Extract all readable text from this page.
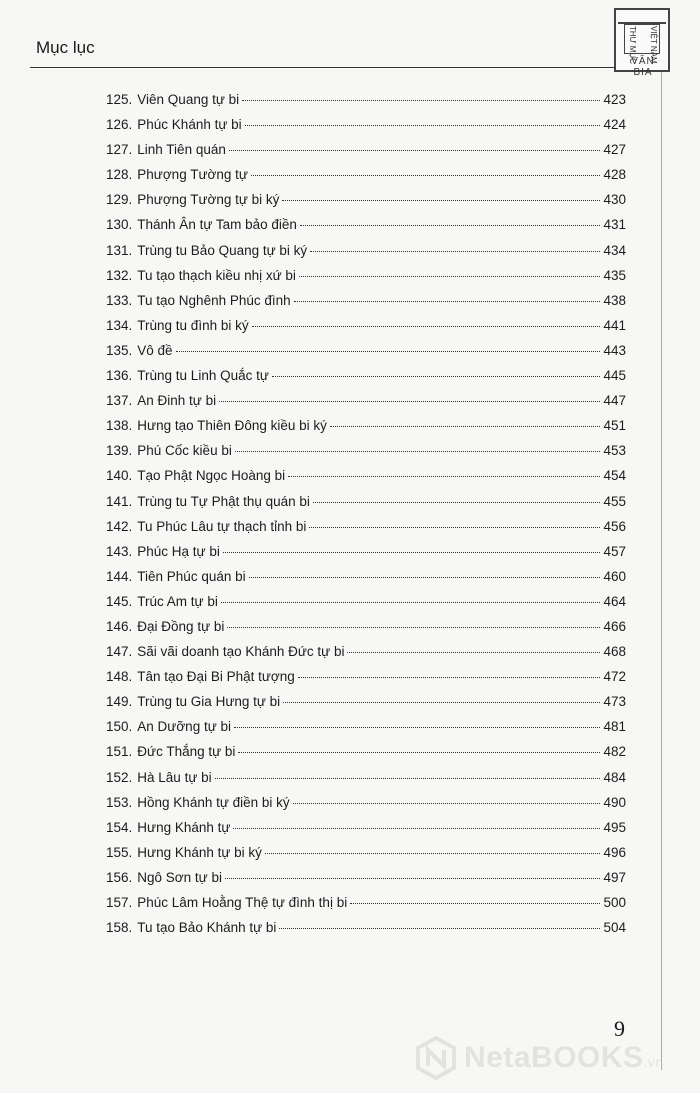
Mục lục	THƯ MỤC VIỆT NAM
VĂN BIA
125. Viên Quang tự bi	423
126. Phúc Khánh tự bi	424
127. Linh Tiên quán	427
128. Phượng Tường tự	428
129. Phượng Tường tự bi ký	430
130. Thánh Ân tự Tam bảo điền	431
131. Trùng tu Bảo Quang tự bi ký	434
132. Tu tạo thạch kiều nhị xứ bi	435
133. Tu tạo Nghênh Phúc đình	438
134. Trùng tu đình bi ký	441
135. Vô đề	443
136. Trùng tu Linh Quắc tự	445
137. An Đinh tự bi	447
138. Hưng tạo Thiên Đông kiều bi ký	451
139. Phú Cốc kiều bi	453
140. Tạo Phật Ngọc Hoàng bi	454
141. Trùng tu Tự Phật thụ quán bi	455
142. Tu Phúc Lâu tự thạch tỉnh bi	456
143. Phúc Hạ tự bi	457
144. Tiên Phúc quán bi	460
145. Trúc Am tự bi	464
146. Đại Đồng tự bi	466
147. Sãi vãi doanh tạo Khánh Đức tự bi	468
148. Tân tạo Đại Bi Phật tượng	472
149. Trùng tu Gia Hưng tự bi	473
150. An Dưỡng tự bi	481
151. Đức Thắng tự bi	482
152. Hà Lâu tự bi	484
153. Hồng Khánh tự điền bi ký	490
154. Hưng Khánh tự	495
155. Hưng Khánh tự bi ký	496
156. Ngô Sơn tự bi	497
157. Phúc Lâm Hoằng Thệ tự đình thị bi	500
158. Tu tạo Bảo Khánh tự bi	504
9
NetaBOOKS.vn
